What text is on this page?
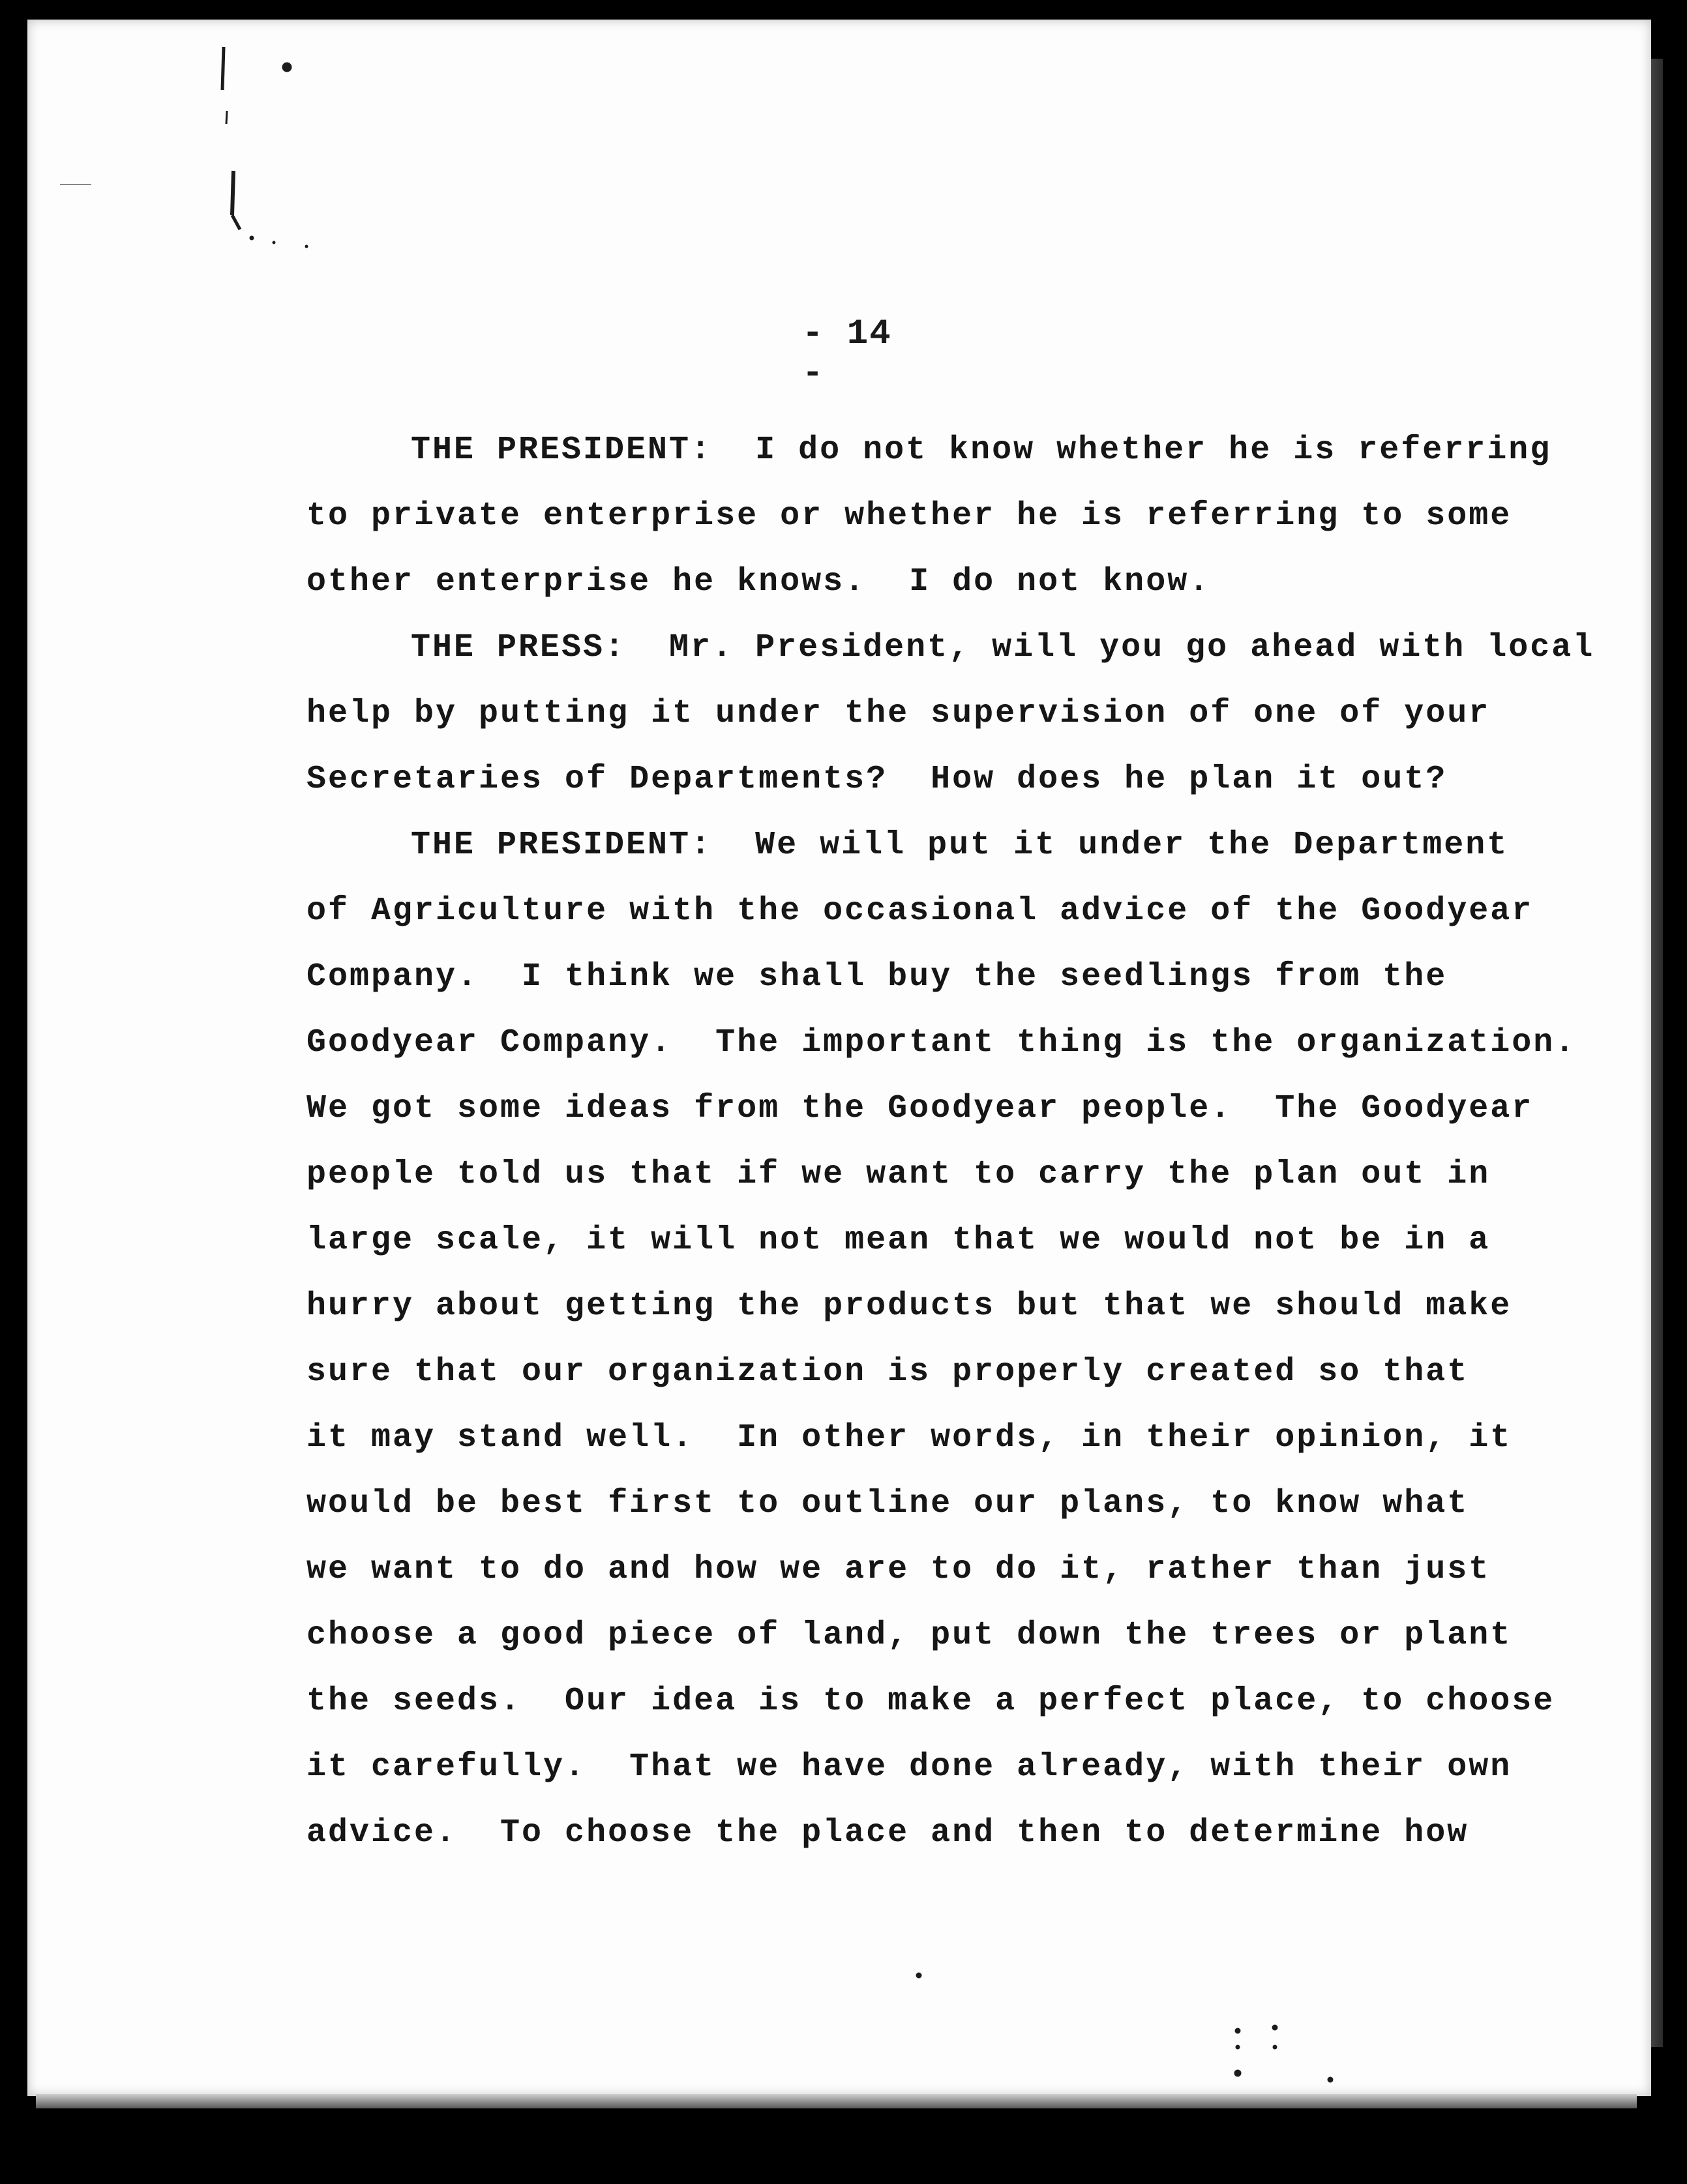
- 14 -
THE PRESIDENT:  I do not know whether he is referring
to private enterprise or whether he is referring to some
other enterprise he knows.  I do not know.
THE PRESS:  Mr. President, will you go ahead with local
help by putting it under the supervision of one of your
Secretaries of Departments?  How does he plan it out?
THE PRESIDENT:  We will put it under the Department
of Agriculture with the occasional advice of the Goodyear
Company.  I think we shall buy the seedlings from the
Goodyear Company.  The important thing is the organization.
We got some ideas from the Goodyear people.  The Goodyear
people told us that if we want to carry the plan out in
large scale, it will not mean that we would not be in a
hurry about getting the products but that we should make
sure that our organization is properly created so that
it may stand well.  In other words, in their opinion, it
would be best first to outline our plans, to know what
we want to do and how we are to do it, rather than just
choose a good piece of land, put down the trees or plant
the seeds.  Our idea is to make a perfect place, to choose
it carefully.  That we have done already, with their own
advice.  To choose the place and then to determine how
